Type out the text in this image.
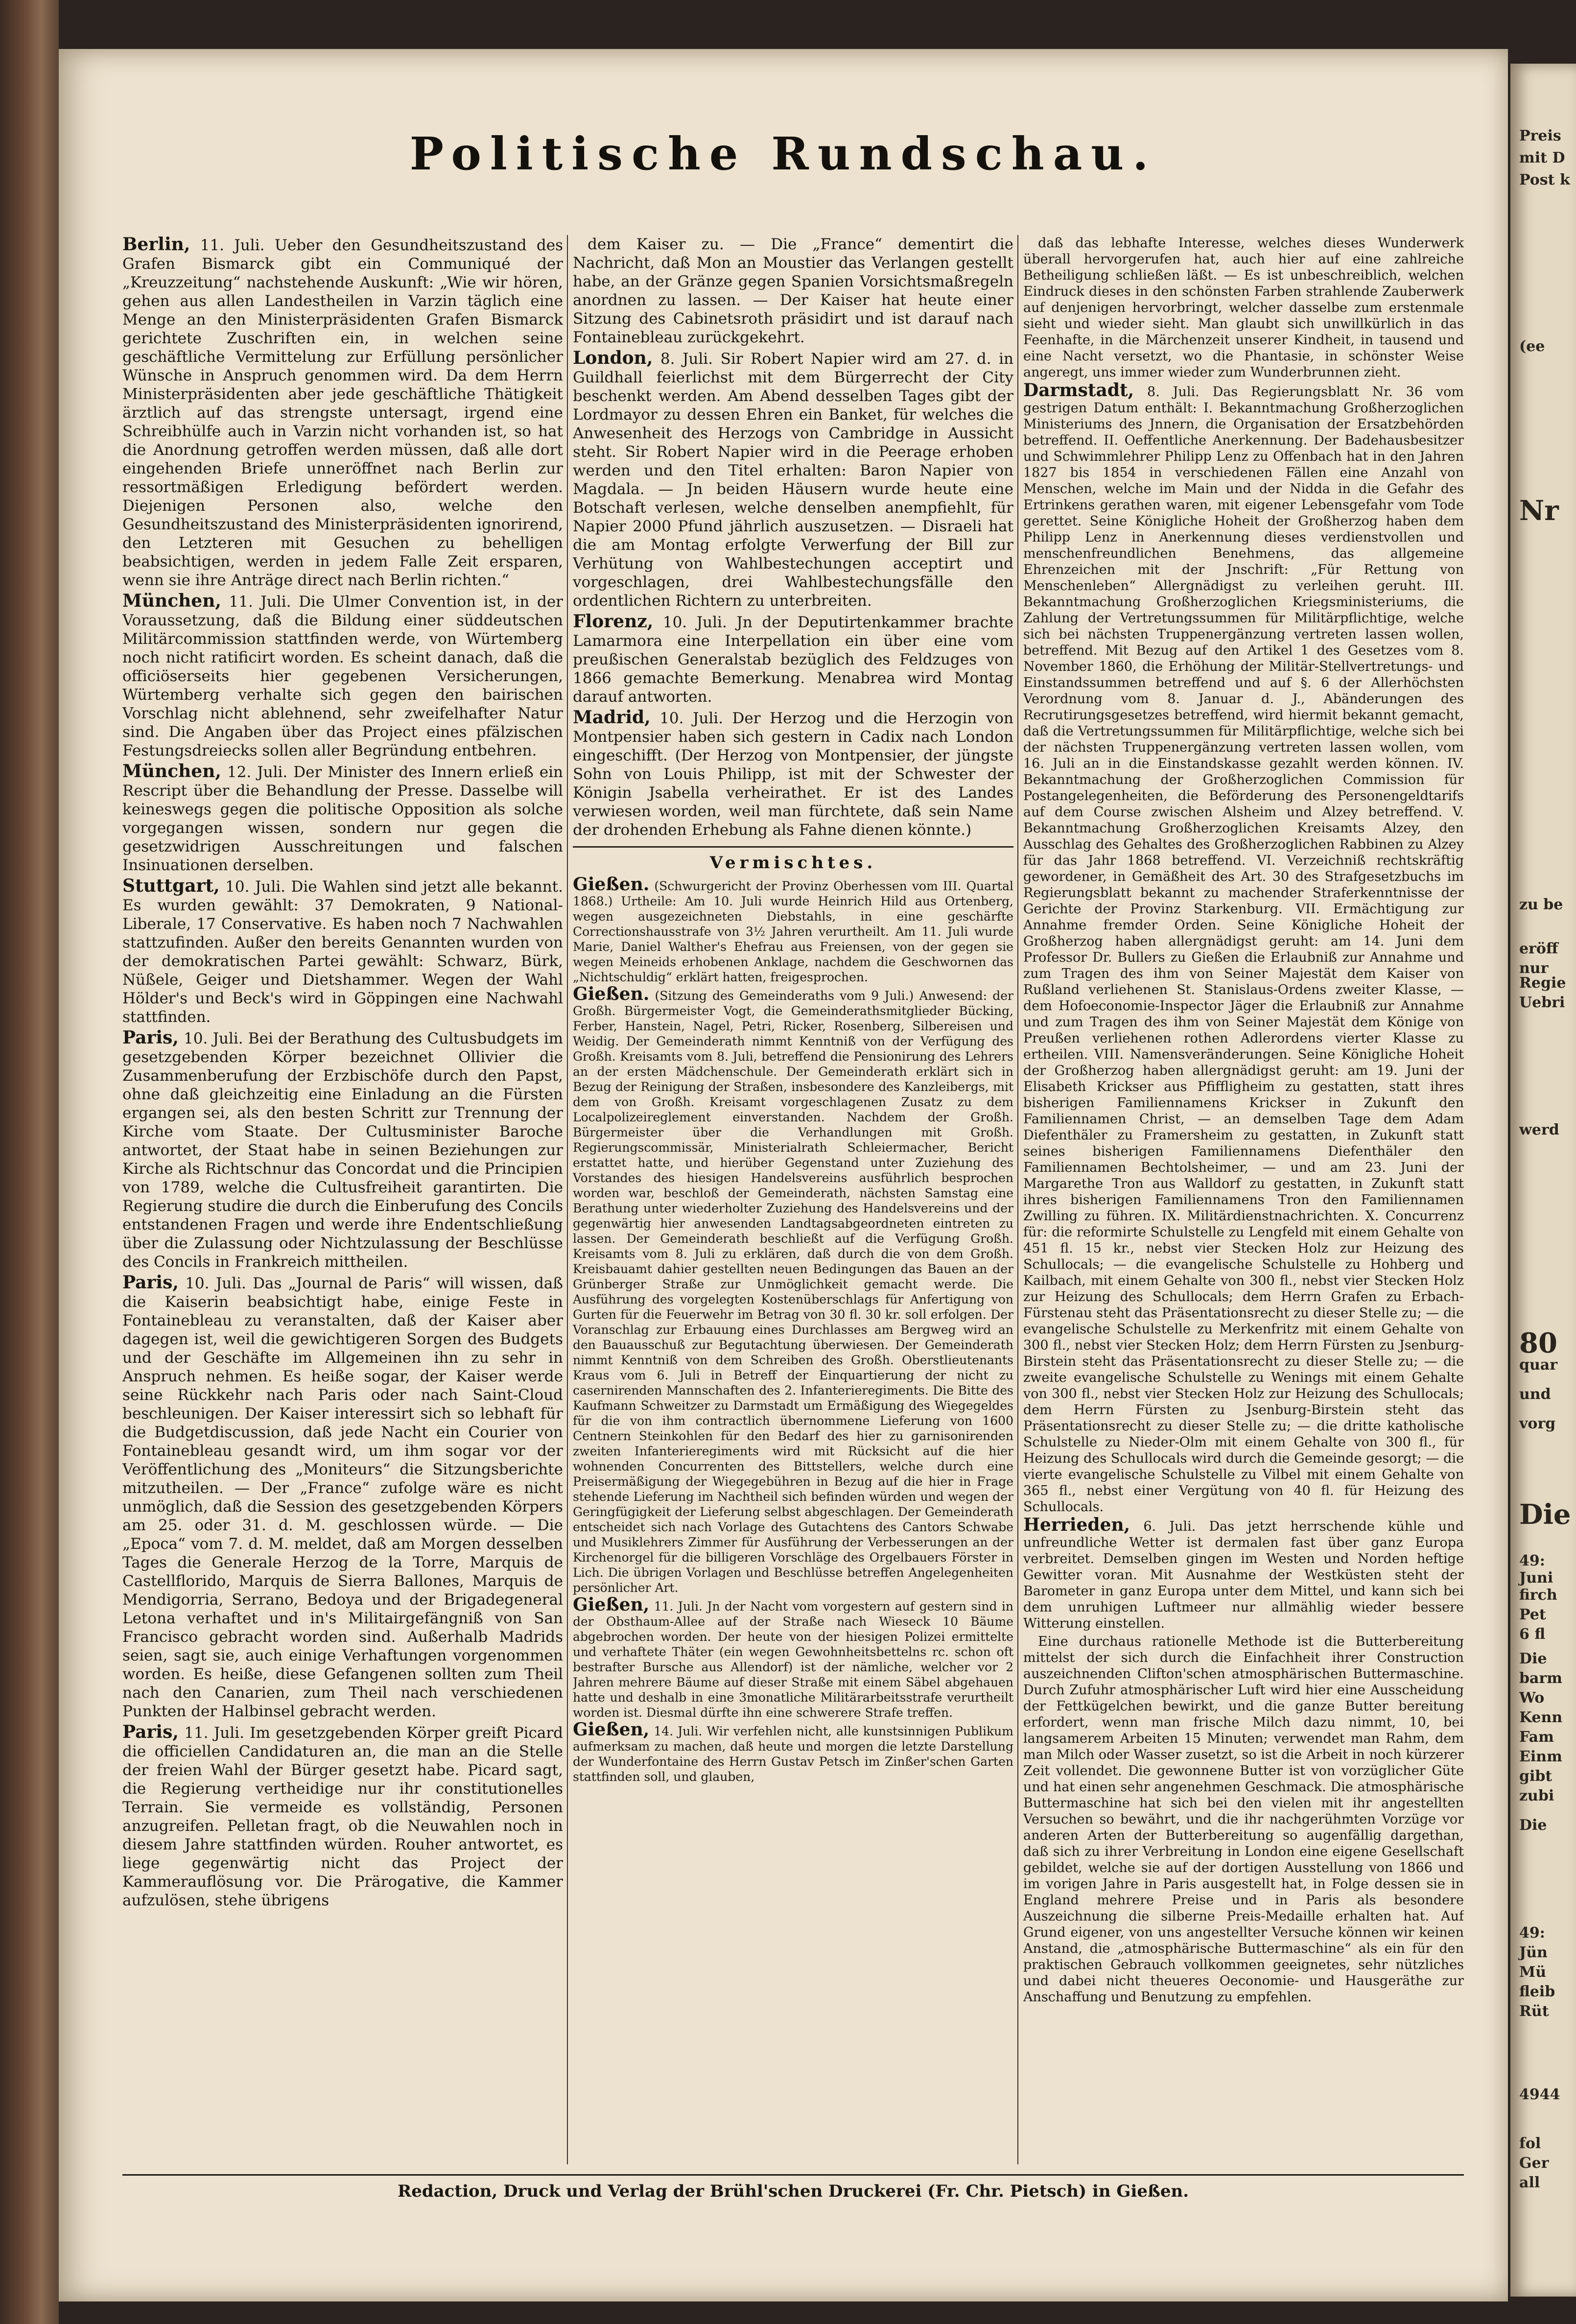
Politische Rundschau.

Berlin, 11. Juli. Ueber den Gesundheitszustand des Grafen Bismarck gibt ein Communiqué der „Kreuzzeitung“ nachstehende Auskunft: „Wie wir hören, gehen aus allen Landestheilen in Varzin täglich eine Menge an den Ministerpräsidenten Grafen Bismarck gerichtete Zuschriften ein, in welchen seine geschäftliche Vermittelung zur Erfüllung persönlicher Wünsche in Anspruch genommen wird. Da dem Herrn Ministerpräsidenten aber jede geschäftliche Thätigkeit ärztlich auf das strengste untersagt, irgend eine Schreibhülfe auch in Varzin nicht vorhanden ist, so hat die Anordnung getroffen werden müssen, daß alle dort eingehenden Briefe unneröffnet nach Berlin zur ressortmäßigen Erledigung befördert werden. Diejenigen Personen also, welche den Gesundheitszustand des Ministerpräsidenten ignorirend, den Letzteren mit Gesuchen zu behelligen beabsichtigen, werden in jedem Falle Zeit ersparen, wenn sie ihre Anträge direct nach Berlin richten.“

München, 11. Juli. Die Ulmer Convention ist, in der Voraussetzung, daß die Bildung einer süddeutschen Militärcommission stattfinden werde, von Würtemberg noch nicht ratificirt worden. Es scheint danach, daß die officiöserseits hier gegebenen Versicherungen, Würtemberg verhalte sich gegen den bairischen Vorschlag nicht ablehnend, sehr zweifelhafter Natur sind. Die Angaben über das Project eines pfälzischen Festungsdreiecks sollen aller Begründung entbehren.

München, 12. Juli. Der Minister des Innern erließ ein Rescript über die Behandlung der Presse. Dasselbe will keineswegs gegen die politische Opposition als solche vorgegangen wissen, sondern nur gegen die gesetzwidrigen Ausschreitungen und falschen Insinuationen derselben.

Stuttgart, 10. Juli. Die Wahlen sind jetzt alle bekannt. Es wurden gewählt: 37 Demokraten, 9 National-Liberale, 17 Conservative. Es haben noch 7 Nachwahlen stattzufinden. Außer den bereits Genannten wurden von der demokratischen Partei gewählt: Schwarz, Bürk, Nüßele, Geiger und Dietshammer. Wegen der Wahl Hölder's und Beck's wird in Göppingen eine Nachwahl stattfinden.

Paris, 10. Juli. Bei der Berathung des Cultusbudgets im gesetzgebenden Körper bezeichnet Ollivier die Zusammenberufung der Erzbischöfe durch den Papst, ohne daß gleichzeitig eine Einladung an die Fürsten ergangen sei, als den besten Schritt zur Trennung der Kirche vom Staate. Der Cultusminister Baroche antwortet, der Staat habe in seinen Beziehungen zur Kirche als Richtschnur das Concordat und die Principien von 1789, welche die Cultusfreiheit garantirten. Die Regierung studire die durch die Einberufung des Concils entstandenen Fragen und werde ihre Endentschließung über die Zulassung oder Nichtzulassung der Beschlüsse des Concils in Frankreich mittheilen.

Paris, 10. Juli. Das „Journal de Paris“ will wissen, daß die Kaiserin beabsichtigt habe, einige Feste in Fontainebleau zu veranstalten, daß der Kaiser aber dagegen ist, weil die gewichtigeren Sorgen des Budgets und der Geschäfte im Allgemeinen ihn zu sehr in Anspruch nehmen. Es heiße sogar, der Kaiser werde seine Rückkehr nach Paris oder nach Saint-Cloud beschleunigen. Der Kaiser interessirt sich so lebhaft für die Budgetdiscussion, daß jede Nacht ein Courier von Fontainebleau gesandt wird, um ihm sogar vor der Veröffentlichung des „Moniteurs“ die Sitzungsberichte mitzutheilen. — Der „France“ zufolge wäre es nicht unmöglich, daß die Session des gesetzgebenden Körpers am 25. oder 31. d. M. geschlossen würde. — Die „Epoca“ vom 7. d. M. meldet, daß am Morgen desselben Tages die Generale Herzog de la Torre, Marquis de Castellflorido, Marquis de Sierra Ballones, Marquis de Mendigorria, Serrano, Bedoya und der Brigadegeneral Letona verhaftet und in's Militairgefängniß von San Francisco gebracht worden sind. Außerhalb Madrids seien, sagt sie, auch einige Verhaftungen vorgenommen worden. Es heiße, diese Gefangenen sollten zum Theil nach den Canarien, zum Theil nach verschiedenen Punkten der Halbinsel gebracht werden.

Paris, 11. Juli. Im gesetzgebenden Körper greift Picard die officiellen Candidaturen an, die man an die Stelle der freien Wahl der Bürger gesetzt habe. Picard sagt, die Regierung vertheidige nur ihr constitutionelles Terrain. Sie vermeide es vollständig, Personen anzugreifen. Pelletan fragt, ob die Neuwahlen noch in diesem Jahre stattfinden würden. Rouher antwortet, es liege gegenwärtig nicht das Project der Kammerauflösung vor. Die Prärogative, die Kammer aufzulösen, stehe übrigens

dem Kaiser zu. — Die „France“ dementirt die Nachricht, daß Mon an Moustier das Verlangen gestellt habe, an der Gränze gegen Spanien Vorsichtsmaßregeln anordnen zu lassen. — Der Kaiser hat heute einer Sitzung des Cabinetsroth präsidirt und ist darauf nach Fontainebleau zurückgekehrt.

London, 8. Juli. Sir Robert Napier wird am 27. d. in Guildhall feierlichst mit dem Bürgerrecht der City beschenkt werden. Am Abend desselben Tages gibt der Lordmayor zu dessen Ehren ein Banket, für welches die Anwesenheit des Herzogs von Cambridge in Aussicht steht. Sir Robert Napier wird in die Peerage erhoben werden und den Titel erhalten: Baron Napier von Magdala. — Jn beiden Häusern wurde heute eine Botschaft verlesen, welche denselben anempfiehlt, für Napier 2000 Pfund jährlich auszusetzen. — Disraeli hat die am Montag erfolgte Verwerfung der Bill zur Verhütung von Wahlbestechungen acceptirt und vorgeschlagen, drei Wahlbestechungsfälle den ordentlichen Richtern zu unterbreiten.

Florenz, 10. Juli. Jn der Deputirtenkammer brachte Lamarmora eine Interpellation ein über eine vom preußischen Generalstab bezüglich des Feldzuges von 1866 gemachte Bemerkung. Menabrea wird Montag darauf antworten.

Madrid, 10. Juli. Der Herzog und die Herzogin von Montpensier haben sich gestern in Cadix nach London eingeschifft. (Der Herzog von Montpensier, der jüngste Sohn von Louis Philipp, ist mit der Schwester der Königin Jsabella verheirathet. Er ist des Landes verwiesen worden, weil man fürchtete, daß sein Name der drohenden Erhebung als Fahne dienen könnte.)

Vermischtes.

Gießen. (Schwurgericht der Provinz Oberhessen vom III. Quartal 1868.) Urtheile: Am 10. Juli wurde Heinrich Hild aus Ortenberg, wegen ausgezeichneten Diebstahls, in eine geschärfte Correctionshausstrafe von 3½ Jahren verurtheilt. Am 11. Juli wurde Marie, Daniel Walther's Ehefrau aus Freiensen, von der gegen sie wegen Meineids erhobenen Anklage, nachdem die Geschwornen das „Nichtschuldig“ erklärt hatten, freigesprochen.

Gießen. (Sitzung des Gemeinderaths vom 9 Juli.) Anwesend: der Großh. Bürgermeister Vogt, die Gemeinderathsmitglieder Bücking, Ferber, Hanstein, Nagel, Petri, Ricker, Rosenberg, Silbereisen und Weidig. Der Gemeinderath nimmt Kenntniß von der Verfügung des Großh. Kreisamts vom 8. Juli, betreffend die Pensionirung des Lehrers an der ersten Mädchenschule. Der Gemeinderath erklärt sich in Bezug der Reinigung der Straßen, insbesondere des Kanzleibergs, mit dem von Großh. Kreisamt vorgeschlagenen Zusatz zu dem Localpolizeireglement einverstanden. Nachdem der Großh. Bürgermeister über die Verhandlungen mit Großh. Regierungscommissär, Ministerialrath Schleiermacher, Bericht erstattet hatte, und hierüber Gegenstand unter Zuziehung des Vorstandes des hiesigen Handelsvereins ausführlich besprochen worden war, beschloß der Gemeinderath, nächsten Samstag eine Berathung unter wiederholter Zuziehung des Handelsvereins und der gegenwärtig hier anwesenden Landtagsabgeordneten eintreten zu lassen. Der Gemeinderath beschließt auf die Verfügung Großh. Kreisamts vom 8. Juli zu erklären, daß durch die von dem Großh. Kreisbauamt dahier gestellten neuen Bedingungen das Bauen an der Grünberger Straße zur Unmöglichkeit gemacht werde. Die Ausführung des vorgelegten Kostenüberschlags für Anfertigung von Gurten für die Feuerwehr im Betrag von 30 fl. 30 kr. soll erfolgen. Der Voranschlag zur Erbauung eines Durchlasses am Bergweg wird an den Bauausschuß zur Begutachtung überwiesen. Der Gemeinderath nimmt Kenntniß von dem Schreiben des Großh. Oberstlieutenants Kraus vom 6. Juli in Betreff der Einquartierung der nicht zu casernirenden Mannschaften des 2. Infanterieregiments. Die Bitte des Kaufmann Schweitzer zu Darmstadt um Ermäßigung des Wiegegeldes für die von ihm contractlich übernommene Lieferung von 1600 Centnern Steinkohlen für den Bedarf des hier zu garnisonirenden zweiten Infanterieregiments wird mit Rücksicht auf die hier wohnenden Concurrenten des Bittstellers, welche durch eine Preisermäßigung der Wiegegebühren in Bezug auf die hier in Frage stehende Lieferung im Nachtheil sich befinden würden und wegen der Geringfügigkeit der Lieferung selbst abgeschlagen. Der Gemeinderath entscheidet sich nach Vorlage des Gutachtens des Cantors Schwabe und Musiklehrers Zimmer für Ausführung der Verbesserungen an der Kirchenorgel für die billigeren Vorschläge des Orgelbauers Förster in Lich. Die übrigen Vorlagen und Beschlüsse betreffen Angelegenheiten persönlicher Art.

Gießen, 11. Juli. Jn der Nacht vom vorgestern auf gestern sind in der Obsthaum-Allee auf der Straße nach Wieseck 10 Bäume abgebrochen worden. Der heute von der hiesigen Polizei ermittelte und verhaftete Thäter (ein wegen Gewohnheitsbettelns rc. schon oft bestrafter Bursche aus Allendorf) ist der nämliche, welcher vor 2 Jahren mehrere Bäume auf dieser Straße mit einem Säbel abgehauen hatte und deshalb in eine 3monatliche Militärarbeitsstrafe verurtheilt worden ist. Diesmal dürfte ihn eine schwerere Strafe treffen.

Gießen, 14. Juli. Wir verfehlen nicht, alle kunstsinnigen Publikum aufmerksam zu machen, daß heute und morgen die letzte Darstellung der Wunderfontaine des Herrn Gustav Petsch im Zinßer'schen Garten stattfinden soll, und glauben,

daß das lebhafte Interesse, welches dieses Wunderwerk überall hervorgerufen hat, auch hier auf eine zahlreiche Betheiligung schließen läßt. — Es ist unbeschreiblich, welchen Eindruck dieses in den schönsten Farben strahlende Zauberwerk auf denjenigen hervorbringt, welcher dasselbe zum erstenmale sieht und wieder sieht. Man glaubt sich unwillkürlich in das Feenhafte, in die Märchenzeit unserer Kindheit, in tausend und eine Nacht versetzt, wo die Phantasie, in schönster Weise angeregt, uns immer wieder zum Wunderbrunnen zieht.

Darmstadt, 8. Juli. Das Regierungsblatt Nr. 36 vom gestrigen Datum enthält: I. Bekanntmachung Großherzoglichen Ministeriums des Jnnern, die Organisation der Ersatzbehörden betreffend. II. Oeffentliche Anerkennung. Der Badehausbesitzer und Schwimmlehrer Philipp Lenz zu Offenbach hat in den Jahren 1827 bis 1854 in verschiedenen Fällen eine Anzahl von Menschen, welche im Main und der Nidda in die Gefahr des Ertrinkens gerathen waren, mit eigener Lebensgefahr vom Tode gerettet. Seine Königliche Hoheit der Großherzog haben dem Philipp Lenz in Anerkennung dieses verdienstvollen und menschenfreundlichen Benehmens, das allgemeine Ehrenzeichen mit der Jnschrift: „Für Rettung von Menschenleben“ Allergnädigst zu verleihen geruht. III. Bekanntmachung Großherzoglichen Kriegsministeriums, die Zahlung der Vertretungssummen für Militärpflichtige, welche sich bei nächsten Truppenergänzung vertreten lassen wollen, betreffend. Mit Bezug auf den Artikel 1 des Gesetzes vom 8. November 1860, die Erhöhung der Militär-Stellvertretungs- und Einstandssummen betreffend und auf §. 6 der Allerhöchsten Verordnung vom 8. Januar d. J., Abänderungen des Recrutirungsgesetzes betreffend, wird hiermit bekannt gemacht, daß die Vertretungssummen für Militärpflichtige, welche sich bei der nächsten Truppenergänzung vertreten lassen wollen, vom 16. Juli an in die Einstandskasse gezahlt werden können. IV. Bekanntmachung der Großherzoglichen Commission für Postangelegenheiten, die Beförderung des Personengeldtarifs auf dem Course zwischen Alsheim und Alzey betreffend. V. Bekanntmachung Großherzoglichen Kreisamts Alzey, den Ausschlag des Gehaltes des Großherzoglichen Rabbinen zu Alzey für das Jahr 1868 betreffend. VI. Verzeichniß rechtskräftig gewordener, in Gemäßheit des Art. 30 des Strafgesetzbuchs im Regierungsblatt bekannt zu machender Straferkenntnisse der Gerichte der Provinz Starkenburg. VII. Ermächtigung zur Annahme fremder Orden. Seine Königliche Hoheit der Großherzog haben allergnädigst geruht: am 14. Juni dem Professor Dr. Bullers zu Gießen die Erlaubniß zur Annahme und zum Tragen des ihm von Seiner Majestät dem Kaiser von Rußland verliehenen St. Stanislaus-Ordens zweiter Klasse, — dem Hofoeconomie-Inspector Jäger die Erlaubniß zur Annahme und zum Tragen des ihm von Seiner Majestät dem Könige von Preußen verliehenen rothen Adlerordens vierter Klasse zu ertheilen. VIII. Namensveränderungen. Seine Königliche Hoheit der Großherzog haben allergnädigst geruht: am 19. Juni der Elisabeth Krickser aus Pfiffligheim zu gestatten, statt ihres bisherigen Familiennamens Krickser in Zukunft den Familiennamen Christ, — an demselben Tage dem Adam Diefenthäler zu Framersheim zu gestatten, in Zukunft statt seines bisherigen Familiennamens Diefenthäler den Familiennamen Bechtolsheimer, — und am 23. Juni der Margarethe Tron aus Walldorf zu gestatten, in Zukunft statt ihres bisherigen Familiennamens Tron den Familiennamen Zwilling zu führen. IX. Militärdienstnachrichten. X. Concurrenz für: die reformirte Schulstelle zu Lengfeld mit einem Gehalte von 451 fl. 15 kr., nebst vier Stecken Holz zur Heizung des Schullocals; — die evangelische Schulstelle zu Hohberg und Kailbach, mit einem Gehalte von 300 fl., nebst vier Stecken Holz zur Heizung des Schullocals; dem Herrn Grafen zu Erbach-Fürstenau steht das Präsentationsrecht zu dieser Stelle zu; — die evangelische Schulstelle zu Merkenfritz mit einem Gehalte von 300 fl., nebst vier Stecken Holz; dem Herrn Fürsten zu Jsenburg-Birstein steht das Präsentationsrecht zu dieser Stelle zu; — die zweite evangelische Schulstelle zu Wenings mit einem Gehalte von 300 fl., nebst vier Stecken Holz zur Heizung des Schullocals; dem Herrn Fürsten zu Jsenburg-Birstein steht das Präsentationsrecht zu dieser Stelle zu; — die dritte katholische Schulstelle zu Nieder-Olm mit einem Gehalte von 300 fl., für Heizung des Schullocals wird durch die Gemeinde gesorgt; — die vierte evangelische Schulstelle zu Vilbel mit einem Gehalte von 365 fl., nebst einer Vergütung von 40 fl. für Heizung des Schullocals.

Herrieden, 6. Juli. Das jetzt herrschende kühle und unfreundliche Wetter ist dermalen fast über ganz Europa verbreitet. Demselben gingen im Westen und Norden heftige Gewitter voran. Mit Ausnahme der Westküsten steht der Barometer in ganz Europa unter dem Mittel, und kann sich bei dem unruhigen Luftmeer nur allmählig wieder bessere Witterung einstellen.

Eine durchaus rationelle Methode ist die Butterbereitung mittelst der sich durch die Einfachheit ihrer Construction auszeichnenden Clifton'schen atmosphärischen Buttermaschine. Durch Zufuhr atmosphärischer Luft wird hier eine Ausscheidung der Fettkügelchen bewirkt, und die ganze Butter bereitung erfordert, wenn man frische Milch dazu nimmt, 10, bei langsamerem Arbeiten 15 Minuten; verwendet man Rahm, dem man Milch oder Wasser zusetzt, so ist die Arbeit in noch kürzerer Zeit vollendet. Die gewonnene Butter ist von vorzüglicher Güte und hat einen sehr angenehmen Geschmack. Die atmosphärische Buttermaschine hat sich bei den vielen mit ihr angestellten Versuchen so bewährt, und die ihr nachgerühmten Vorzüge vor anderen Arten der Butterbereitung so augenfällig dargethan, daß sich zu ihrer Verbreitung in London eine eigene Gesellschaft gebildet, welche sie auf der dortigen Ausstellung von 1866 und im vorigen Jahre in Paris ausgestellt hat, in Folge dessen sie in England mehrere Preise und in Paris als besondere Auszeichnung die silberne Preis-Medaille erhalten hat. Auf Grund eigener, von uns angestellter Versuche können wir keinen Anstand, die „atmosphärische Buttermaschine“ als ein für den praktischen Gebrauch vollkommen geeignetes, sehr nützliches und dabei nicht theueres Oeconomie- und Hausgeräthe zur Anschaffung und Benutzung zu empfehlen.

Redaction, Druck und Verlag der Brühl'schen Druckerei (Fr. Chr. Pietsch) in Gießen.
Preis
mit D
Post k
(ee
Nr
zu be
eröff
nur
Regie
Uebri
werd
80
quar
und
vorg
Die
49:
Juni
firch
Pet
6 fl
Die
barm
Wo
Kenn
Fam
Einm
gibt
zubi
Die
49:
Jün
Mü
fleib
Rüt
4944
fol
Ger
all
